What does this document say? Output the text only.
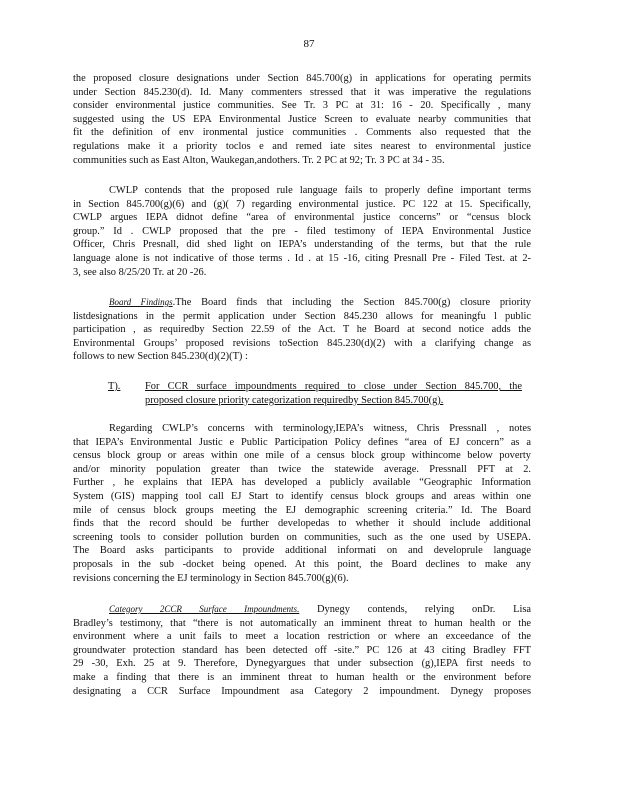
87
the proposed closure designations under Section 845.700(g) in applications for operating permits
under Section 845.230(d). Id. Many commenters stressed that it was imperative the regulations
consider environmental justice communities. See Tr. 3 PC at 31: 16 - 20. Specifically , many
suggested using the US EPA Environmental Justice Screen to evaluate nearby communities that
fit the definition of env ironmental justice communities . Comments also requested that the
regulations make it a priority toclos e and remed iate sites nearest to environmental justice
communities such as East Alton, Waukegan,andothers. Tr. 2 PC at 92; Tr. 3 PC at 34 - 35.
CWLP contends that the proposed rule language fails to properly define important terms
in Section 845.700(g)(6) and (g)( 7) regarding environmental justice. PC 122 at 15. Specifically,
CWLP argues IEPA didnot define “area of environmental justice concerns” or “census block
group.” Id . CWLP proposed that the pre - filed testimony of IEPA Environmental Justice
Officer, Chris Presnall, did shed light on IEPA’s understanding of the terms, but that the rule
language alone is not indicative of those terms . Id . at 15 -16, citing Presnall Pre - Filed Test. at 2-
3, see also 8/25/20 Tr. at 20 -26.
Board Findings.The Board finds that including the Section 845.700(g) closure priority
listdesignations in the permit application under Section 845.230 allows for meaningfu l public
participation , as requiredby Section 22.59 of the Act. T he Board at second notice adds the
Environmental Groups’ proposed revisions toSection 845.230(d)(2) with a clarifying change as
follows to new Section 845.230(d)(2)(T) :
T). For CCR surface impoundments required to close under Section 845.700, the
proposed closure priority categorization requiredby Section 845.700(g).
Regarding CWLP’s concerns with terminology,IEPA’s witness, Chris Pressnall , notes
that IEPA’s Environmental Justic e Public Participation Policy defines “area of EJ concern” as a
census block group or areas within one mile of a census block group withincome below poverty
and/or minority population greater than twice the statewide average. Pressnall PFT at 2.
Further , he explains that IEPA has developed a publicly available “Geographic Information
System (GIS) mapping tool call EJ Start to identify census block groups and areas within one
mile of census block groups meeting the EJ demographic screening criteria.” Id. The Board
finds that the record should be further developedas to whether it should include additional
screening tools to consider pollution burden on communities, such as the one used by USEPA.
The Board asks participants to provide additional informati on and developrule language
proposals in the sub -docket being opened. At this point, the Board declines to make any
revisions concerning the EJ terminology in Section 845.700(g)(6).
Category 2CCR Surface Impoundments. Dynegy contends, relying onDr. Lisa
Bradley’s testimony, that “there is not automatically an imminent threat to human health or the
environment where a unit fails to meet a location restriction or where an exceedance of the
groundwater protection standard has been detected off -site.” PC 126 at 43 citing Bradley FFT
29 -30, Exh. 25 at 9. Therefore, Dynegyargues that under subsection (g),IEPA first needs to
make a finding that there is an imminent threat to human health or the environment before
designating a CCR Surface Impoundment asa Category 2 impoundment. Dynegy proposes
